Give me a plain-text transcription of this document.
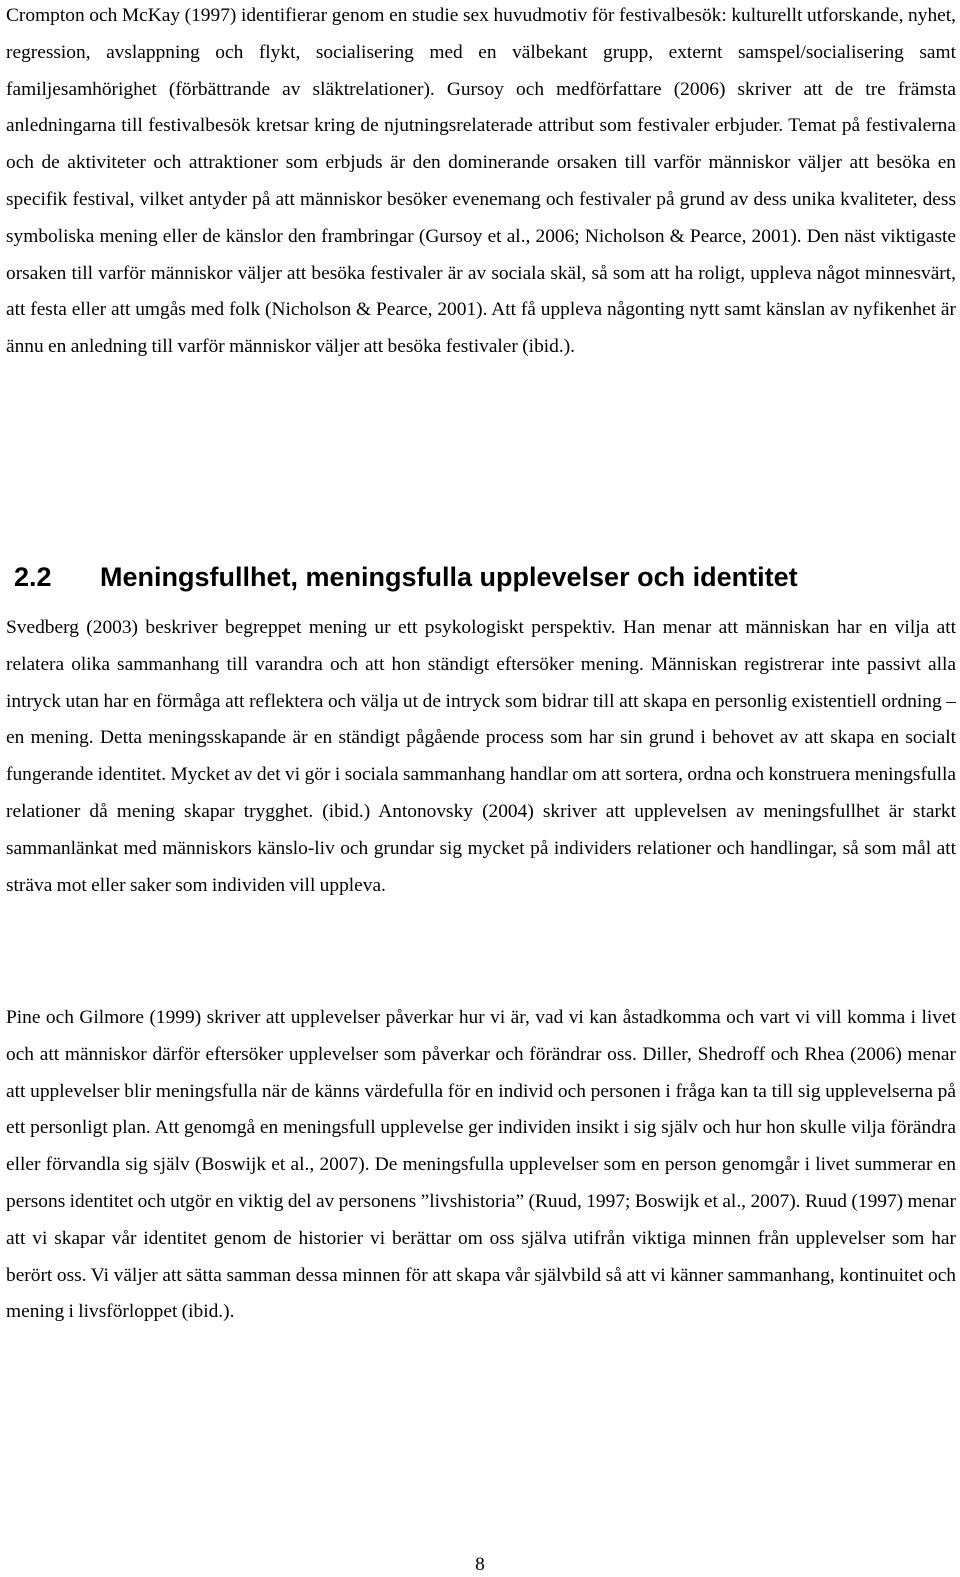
Crompton och McKay (1997) identifierar genom en studie sex huvudmotiv för festivalbesök: kulturellt utforskande, nyhet, regression, avslappning och flykt, socialisering med en välbekant grupp, externt samspel/socialisering samt familjesamhörighet (förbättrande av släktrelationer). Gursoy och medförfattare (2006) skriver att de tre främsta anledningarna till festivalbesök kretsar kring de njutningsrelaterade attribut som festivaler erbjuder. Temat på festivalerna och de aktiviteter och attraktioner som erbjuds är den dominerande orsaken till varför människor väljer att besöka en specifik festival, vilket antyder på att människor besöker evenemang och festivaler på grund av dess unika kvaliteter, dess symboliska mening eller de känslor den frambringar (Gursoy et al., 2006; Nicholson & Pearce, 2001). Den näst viktigaste orsaken till varför människor väljer att besöka festivaler är av sociala skäl, så som att ha roligt, uppleva något minnesvärt, att festa eller att umgås med folk (Nicholson & Pearce, 2001). Att få uppleva någonting nytt samt känslan av nyfikenhet är ännu en anledning till varför människor väljer att besöka festivaler (ibid.).

2.2 Meningsfullhet, meningsfulla upplevelser och identitet

Svedberg (2003) beskriver begreppet mening ur ett psykologiskt perspektiv. Han menar att människan har en vilja att relatera olika sammanhang till varandra och att hon ständigt eftersöker mening. Människan registrerar inte passivt alla intryck utan har en förmåga att reflektera och välja ut de intryck som bidrar till att skapa en personlig existentiell ordning – en mening. Detta meningsskapande är en ständigt pågående process som har sin grund i behovet av att skapa en socialt fungerande identitet. Mycket av det vi gör i sociala sammanhang handlar om att sortera, ordna och konstruera meningsfulla relationer då mening skapar trygghet. (ibid.) Antonovsky (2004) skriver att upplevelsen av meningsfullhet är starkt sammanlänkat med människors känslo-liv och grundar sig mycket på individers relationer och handlingar, så som mål att sträva mot eller saker som individen vill uppleva.

Pine och Gilmore (1999) skriver att upplevelser påverkar hur vi är, vad vi kan åstadkomma och vart vi vill komma i livet och att människor därför eftersöker upplevelser som påverkar och förändrar oss. Diller, Shedroff och Rhea (2006) menar att upplevelser blir meningsfulla när de känns värdefulla för en individ och personen i fråga kan ta till sig upplevelserna på ett personligt plan. Att genomgå en meningsfull upplevelse ger individen insikt i sig själv och hur hon skulle vilja förändra eller förvandla sig själv (Boswijk et al., 2007). De meningsfulla upplevelser som en person genomgår i livet summerar en persons identitet och utgör en viktig del av personens ”livshistoria” (Ruud, 1997; Boswijk et al., 2007). Ruud (1997) menar att vi skapar vår identitet genom de historier vi berättar om oss själva utifrån viktiga minnen från upplevelser som har berört oss. Vi väljer att sätta samman dessa minnen för att skapa vår självbild så att vi känner sammanhang, kontinuitet och mening i livsförloppet (ibid.).

8
